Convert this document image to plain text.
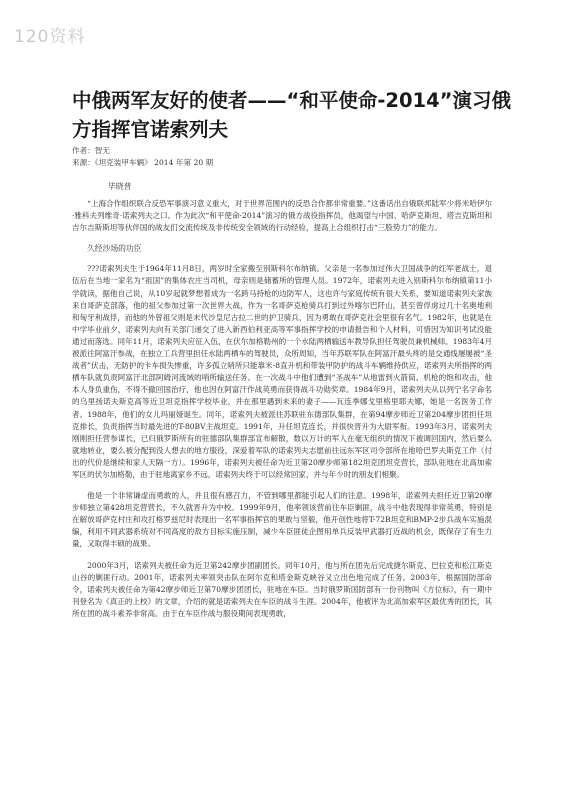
120资料
中俄两军友好的使者——“和平使命-2014”演习俄方指挥官诺索列夫
作者：智无
来源：《坦克装甲车辆》 2014 年第 20 期
毕晓普

“上海合作组织联合反恐军事演习意义重大，对于世界范围内的反恐合作都非常重要。”这番话出自俄联邦陆军少将米哈伊尔·雅科夫列维奇·诺索列夫之口。作为此次“和平使命-2014”演习的俄方战役指挥员，他渴望与中国、哈萨克斯坦、塔吉克斯坦和吉尔吉斯斯坦等伙伴国的战友们交流传统及非传统安全领域的行动经验，提高上合组织打击“三股势力”的能力。

久经沙场的功臣

???诺索列夫生于1964年11月8日，两岁时全家搬至别斯科尔布纳镇。父亲是一名参加过伟大卫国战争的红军老战士，退伍后在当地一家名为“祖国”的集体农庄当司机，母亲则是储蓄所的管理人员。1972年，诺索列夫进入别斯科尔布纳镇第11小学就读，据他自己说，从10岁起就梦想着成为一名跨马持枪的边防军人，这也许与家庭传统有很大关系，要知道诺索列夫家族来自哥萨克部落，他的祖父参加过第一次世界大战，作为一名哥萨克枪骑兵打到过外喀尔巴阡山，甚至曾俘虏过几十名奥地利和匈牙利战俘，而他的外曾祖父则是末代沙皇尼古拉二世的护卫骑兵，因为勇敢在哥萨克社会里很有名气。1982年，也就是在中学毕业前夕，诺索列夫向有关部门递交了进入新西伯利亚高等军事指挥学校的申请报告和个人材料，可惜因为知识考试没能通过而落选。同年11月，诺索列夫应征入伍，在伏尔加格勒州的一个水陆两栖输送车教导队担任驾驶员兼机械师。1983年4月被派往阿富汗参战，在独立工兵营里担任水陆两栖车的驾驶员，众所周知，当年苏联军队在阿富汗最头疼的是交通线屡屡被“圣战者”伏击，无防护的卡车损失惨重，许多孤立哨所只能靠米-8直升机和带装甲防护的战斗车辆维持供应，诺索列夫所指挥的两栖车队就负责阿富汗北部阿姆河流域的哨所输送任务。在一次战斗中他们遭到“圣战车”从地雷到火箭筒、机枪的饱和攻击，他本人身负重伤，不得不撤回国治疗，他也因在阿富汗作战英勇而获得战斗功勋奖章。1984年9月，诺索列夫从以列宁名字命名的乌里扬诺夫斯克高等近卫坦克指挥学校毕业，并在那里遇到未来的妻子——瓦连季娜戈里格里耶夫娜，她是一名医务工作者。1988年，他们的女儿玛丽娅诞生。同年，诺索列夫被派往苏联驻东德部队集群，在第94摩步师近卫第204摩步团担任坦克排长，负责指挥当时最先进的T-80BV主战坦克。1991年，升任坦克连长，并很快晋升为大尉军衔。1993年3月，诺索列夫刚刚担任营参谋长，已归俄罗斯所有的驻德部队集群部宣布解散，数以万计的军人在毫无组织的情况下被调回国内，然后要么就地转业，要么被分配到没人想去的地方服役，深爱着军队的诺索列夫志愿前往远东军区司令部所在地哈巴罗夫斯克工作（付出的代价是继续和家人天隔一方）。1996年，诺索列夫被任命为近卫第20摩步师第182坦克团坦克营长，部队驻地在北高加索军区的伏尔加格勒，由于驻地离家乡不远，诺索列夫终于可以经常回家，并与年少时的朋友们相聚。

他是一个非常谦虚而勇敢的人，并且很有感召力，不管到哪里都能引起人们的注意。1998年，诺索列夫担任近卫第20摩步师独立第428坦克营营长，不久就晋升为中校。1999年9月，他率领该营前往车臣剿匪，战斗中他表现得非常英勇，特别是在解放哥萨克村庄和攻打格罗兹尼时表现出一名军事指挥官的果敢与坚毅，他开创性地将T-72B坦克和BMP-2步兵战车实施混编，利用不同武器系统对不同高度的敌方目标实施压制，减少车臣匪徒企图用单兵反装甲武器打近战的机会，既保存了有生力量，又取得丰硕的战果。

2000年3月，诺索列夫被任命为近卫第242摩步团副团长。同年10月，他与所在团先后完成捷尔斯克、巴拉克和松江斯克山谷的剿匪行动。2001年，诺索列夫率领突击队在阿尔克和塔金斯克峡谷又立出色地完成了任务。2003年，根据国防部命令，诺索列夫被任命为第42摩步师近卫第70摩步团团长，驻地在车臣。当时俄罗斯国防部有一份刊物叫《方位标》，有一期中刊登名为《真正的上校》的文章，介绍的就是诺索列夫在车臣的战斗生涯。2004年，他被评为北高加索军区最优秀的团长，其所在团的战斗素养非常高。由于在车臣作战与服役期间表现勇敢，
